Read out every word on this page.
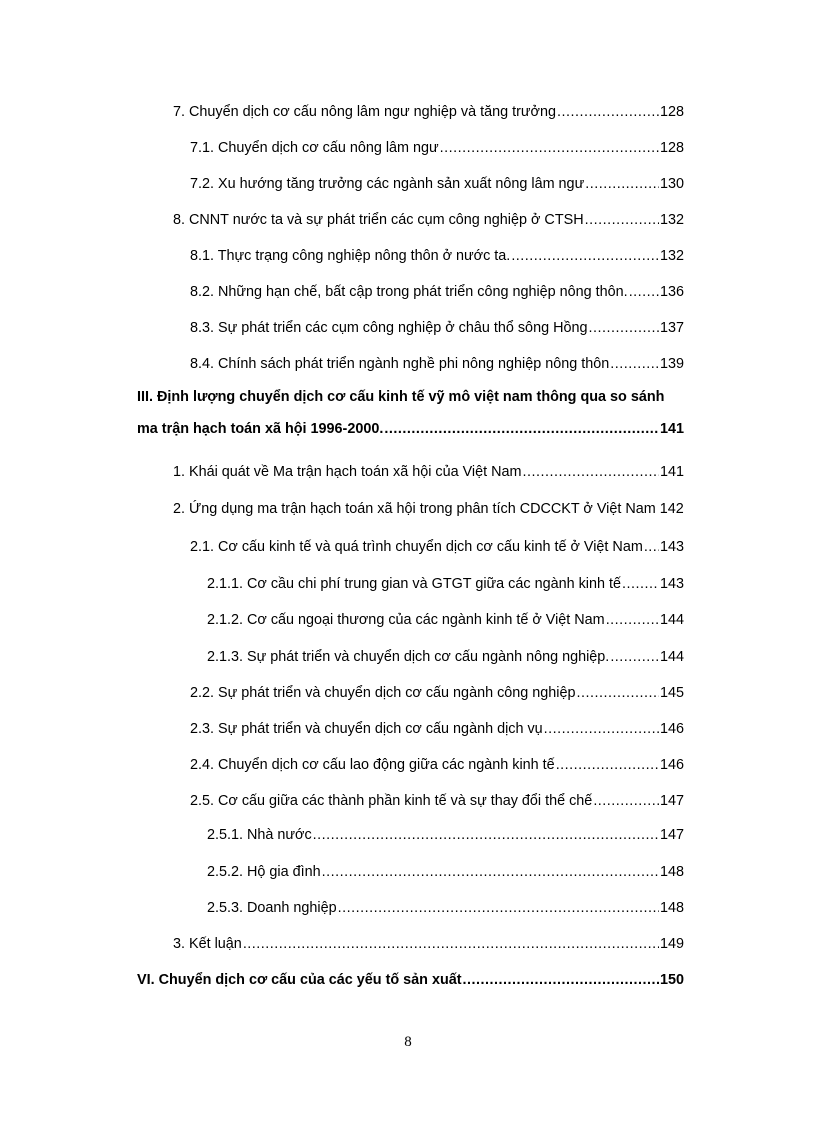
7. Chuyển dịch cơ cấu nông lâm ngư nghiệp và tăng trưởng .....	128
7.1. Chuyển dịch cơ cấu nông lâm ngư .....	128
7.2. Xu hướng tăng trưởng các ngành sản xuất nông lâm ngư .....	130
8. CNNT nước ta và sự phát triển các cụm công nghiệp ở CTSH .....	132
8.1. Thực trạng công nghiệp nông thôn ở nước ta. .....	132
8.2. Những hạn chế, bất cập trong phát triển công nghiệp nông thôn. ..... 136
8.3. Sự phát triển các cụm công nghiệp ở châu thổ sông Hồng .....	137
8.4. Chính sách phát triển ngành nghề phi nông nghiệp nông thôn .....	139
III. Định lượng chuyển dịch cơ cấu kinh tế vỹ mô việt nam thông qua so sánh
ma trận hạch toán xã hội 1996-2000. .....	141
1. Khái quát về Ma trận hạch toán xã hội của Việt Nam .....	141
2. Ứng dụng ma trận hạch toán xã hội trong phân tích CDCCKT ở Việt Nam 142
2.1. Cơ cấu kinh tế và quá trình chuyển dịch cơ cấu kinh tế ở Việt Nam ..... 143
2.1.1. Cơ cầu chi phí trung gian và GTGT giữa các ngành kinh tế .....	143
2.1.2. Cơ cấu ngoại thương của các ngành kinh tế ở Việt Nam .....	144
2.1.3. Sự phát triển và chuyển dịch cơ cấu ngành nông nghiệp. .....	144
2.2. Sự phát triển và chuyển dịch cơ cấu ngành công nghiệp .....	145
2.3. Sự phát triển và chuyển dịch cơ cấu ngành dịch vụ .....	146
2.4. Chuyển dịch cơ cấu lao động giữa các ngành kinh tế .....	146
2.5. Cơ cấu giữa các thành phần kinh tế và sự thay đổi thể chế .....	147
2.5.1. Nhà nước .....	147
2.5.2. Hộ gia đình .....	148
2.5.3. Doanh nghiệp .....	148
3. Kết luận .....	149
VI. Chuyển dịch cơ cấu của các yếu tố sản xuất .....	150
8
